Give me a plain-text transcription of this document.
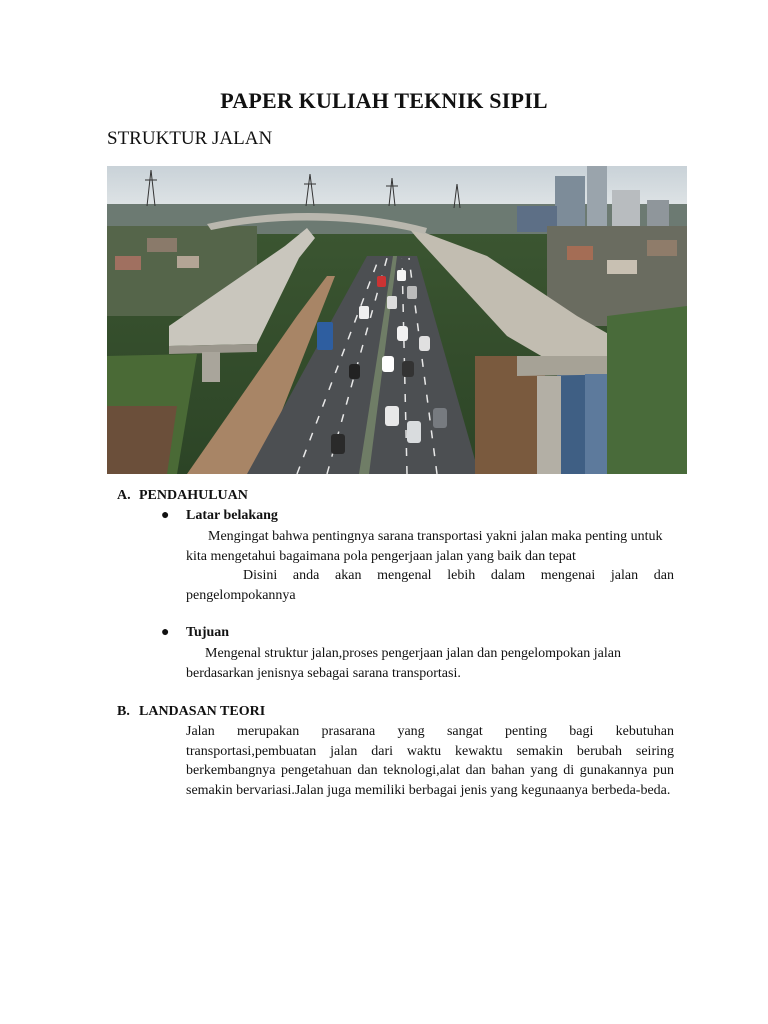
PAPER KULIAH TEKNIK SIPIL
STRUKTUR JALAN
A. PENDAHULUAN
● Latar belakang
Mengingat bahwa pentingnya sarana transportasi yakni jalan maka penting untuk kita mengetahui bagaimana pola pengerjaan jalan yang baik dan tepat
Disini anda akan mengenal lebih dalam mengenai jalan dan pengelompokannya
● Tujuan
Mengenal struktur jalan,proses pengerjaan jalan dan pengelompokan jalan berdasarkan jenisnya sebagai sarana transportasi.
B. LANDASAN TEORI
Jalan merupakan prasarana yang sangat penting bagi kebutuhan transportasi,pembuatan jalan dari waktu kewaktu semakin berubah seiring berkembangnya pengetahuan dan teknologi,alat dan bahan yang di gunakannya pun semakin bervariasi.Jalan juga memiliki berbagai jenis yang kegunaanya berbeda-beda.
